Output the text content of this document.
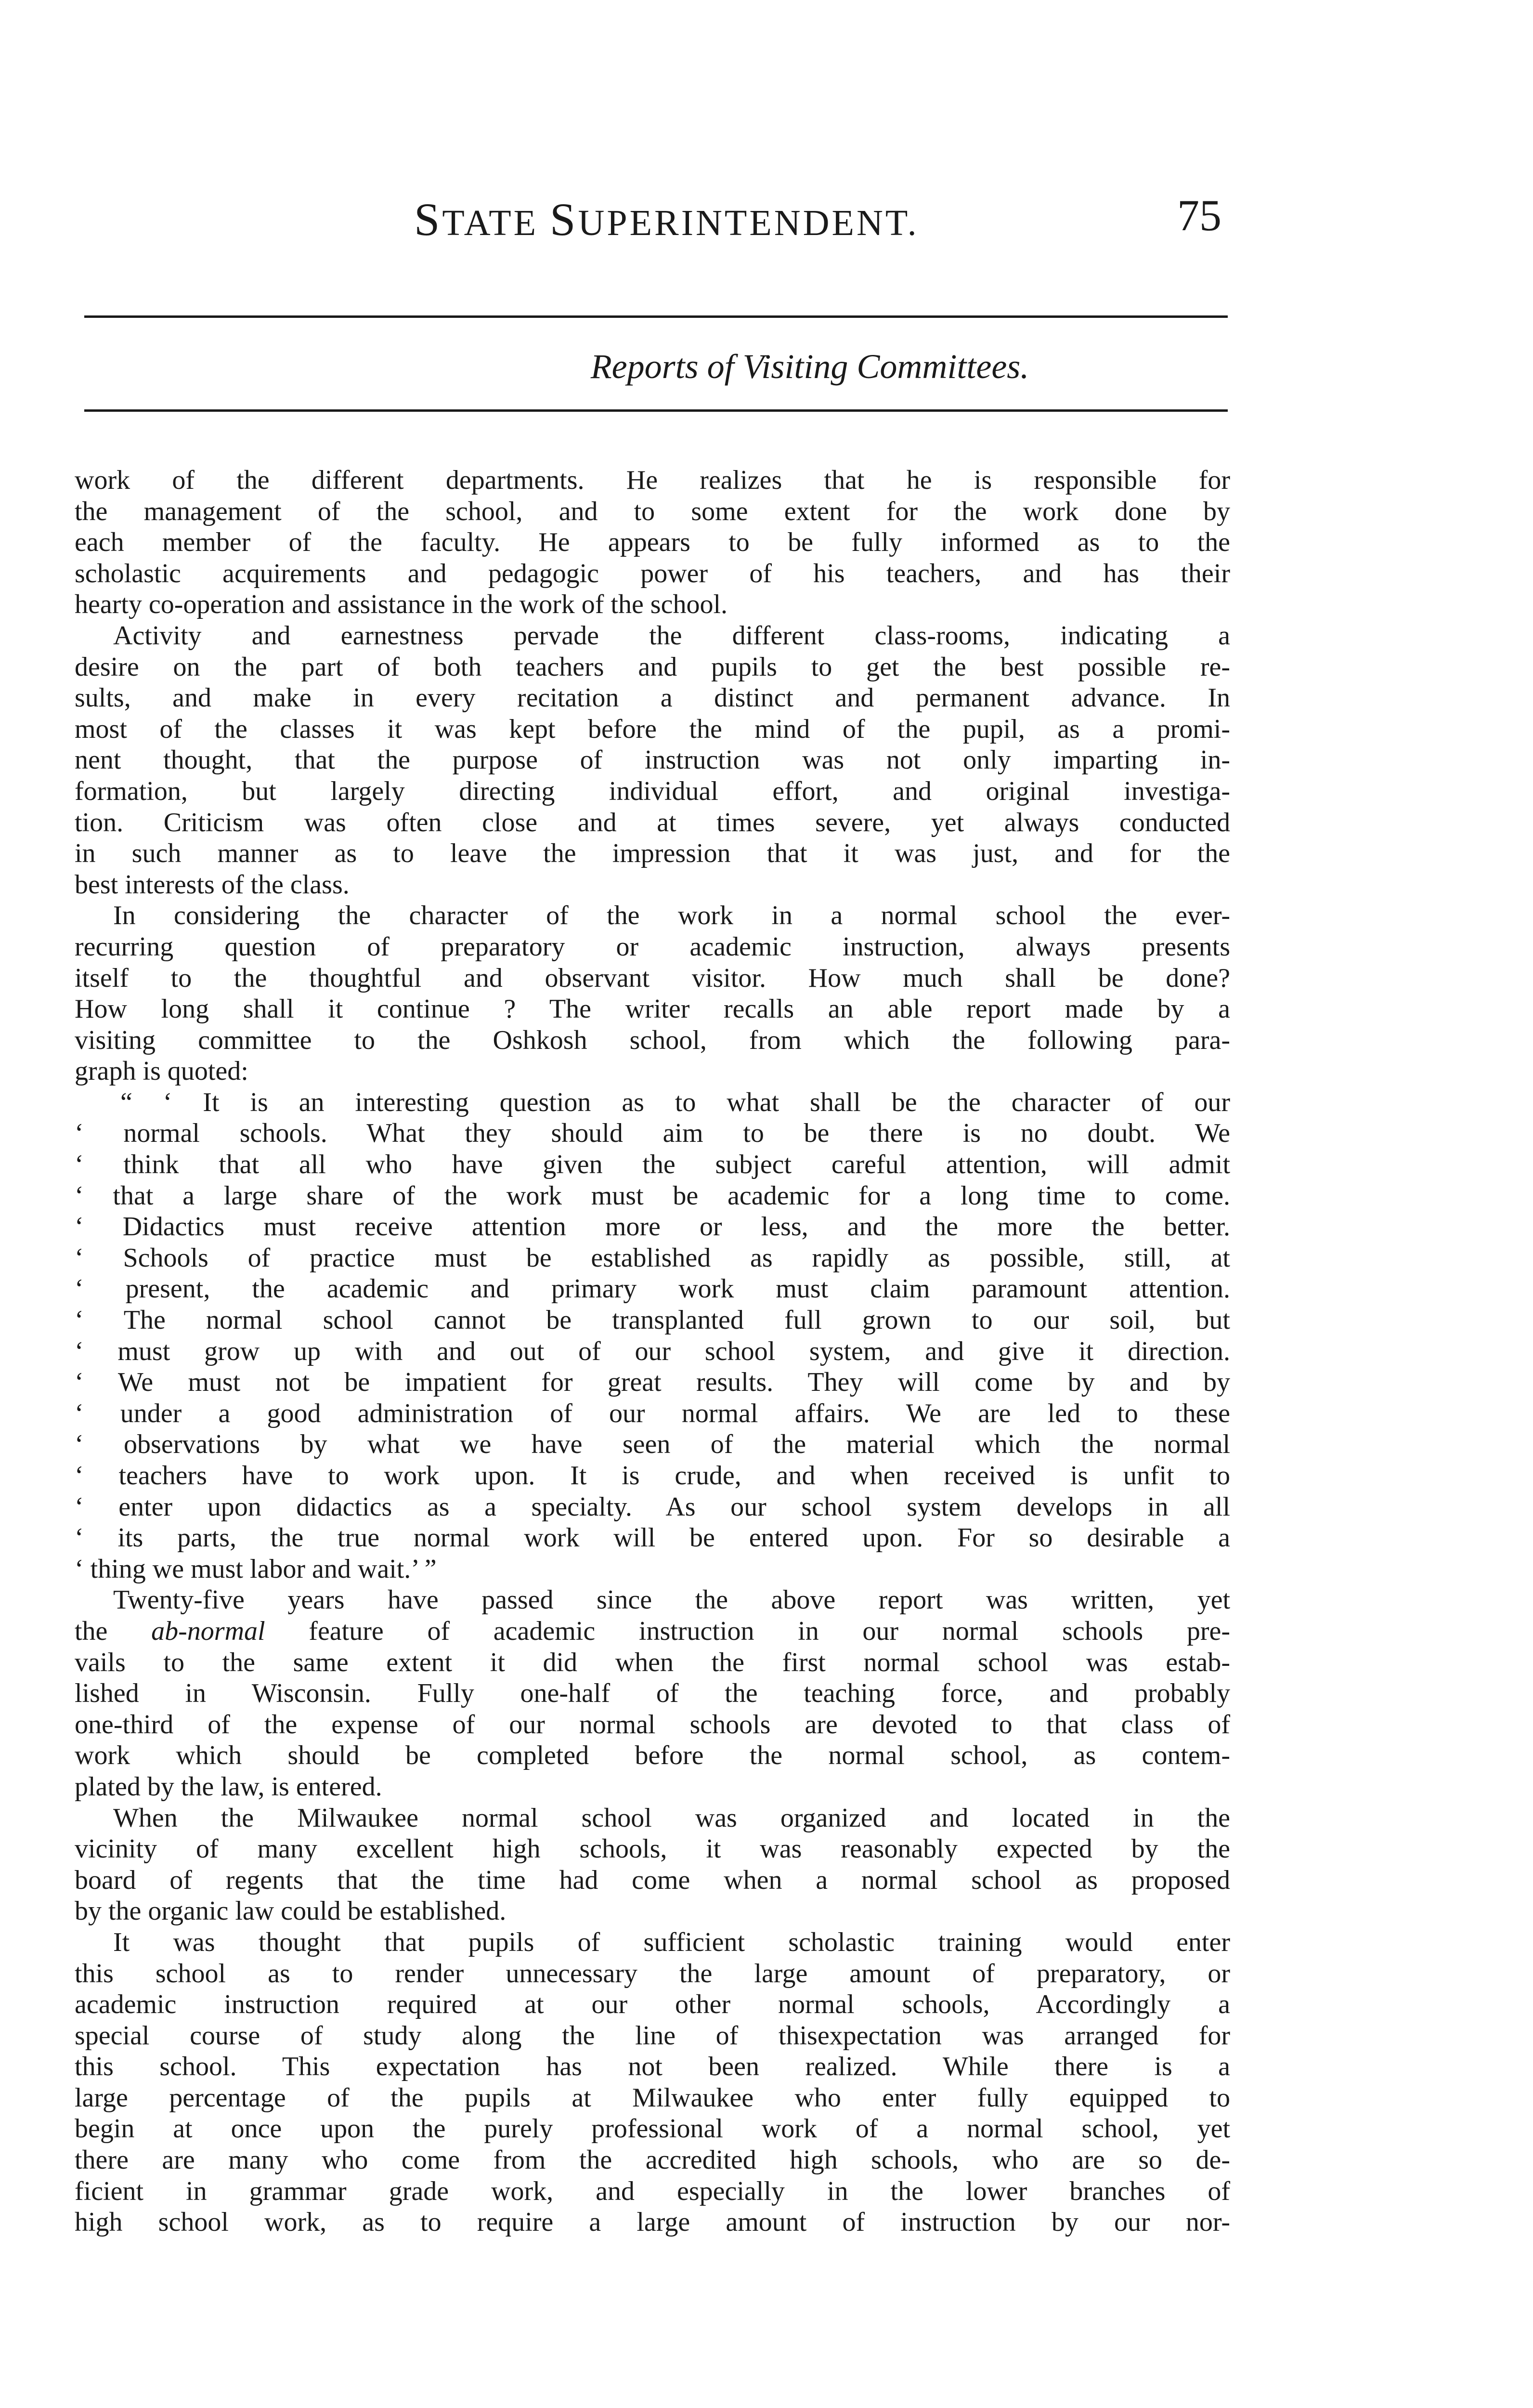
STATE SUPERINTENDENT.	75
Reports of Visiting Committees.
work of the different departments. He realizes that he is responsible for
the management of the school, and to some extent for the work done by
each member of the faculty. He appears to be fully informed as to the
scholastic acquirements and pedagogic power of his teachers, and has their
hearty co-operation and assistance in the work of the school.
Activity and earnestness pervade the different class-rooms, indicating a
desire on the part of both teachers and pupils to get the best possible re-
sults, and make in every recitation a distinct and permanent advance. In
most of the classes it was kept before the mind of the pupil, as a promi-
nent thought, that the purpose of instruction was not only imparting in-
formation, but largely directing individual effort, and original investiga-
tion. Criticism was often close and at times severe, yet always conducted
in such manner as to leave the impression that it was just, and for the
best interests of the class.
In considering the character of the work in a normal school the ever-
recurring question of preparatory or academic instruction, always presents
itself to the thoughtful and observant visitor. How much shall be done?
How long shall it continue ? The writer recalls an able report made by a
visiting committee to the Oshkosh school, from which the following para-
graph is quoted:
“ ‘ It is an interesting question as to what shall be the character of our
‘ normal schools. What they should aim to be there is no doubt. We
‘ think that all who have given the subject careful attention, will admit
‘ that a large share of the work must be academic for a long time to come.
‘ Didactics must receive attention more or less, and the more the better.
‘ Schools of practice must be established as rapidly as possible, still, at
‘ present, the academic and primary work must claim paramount attention.
‘ The normal school cannot be transplanted full grown to our soil, but
‘ must grow up with and out of our school system, and give it direction.
‘ We must not be impatient for great results. They will come by and by
‘ under a good administration of our normal affairs. We are led to these
‘ observations by what we have seen of the material which the normal
‘ teachers have to work upon. It is crude, and when received is unfit to
‘ enter upon didactics as a specialty. As our school system develops in all
‘ its parts, the true normal work will be entered upon. For so desirable a
‘ thing we must labor and wait.’ ”
Twenty-five years have passed since the above report was written, yet
the ab-normal feature of academic instruction in our normal schools pre-
vails to the same extent it did when the first normal school was estab-
lished in Wisconsin. Fully one-half of the teaching force, and probably
one-third of the expense of our normal schools are devoted to that class of
work which should be completed before the normal school, as contem-
plated by the law, is entered.
When the Milwaukee normal school was organized and located in the
vicinity of many excellent high schools, it was reasonably expected by the
board of regents that the time had come when a normal school as proposed
by the organic law could be established.
It was thought that pupils of sufficient scholastic training would enter
this school as to render unnecessary the large amount of preparatory, or
academic instruction required at our other normal schools, Accordingly a
special course of study along the line of thisexpectation was arranged for
this school. This expectation has not been realized. While there is a
large percentage of the pupils at Milwaukee who enter fully equipped to
begin at once upon the purely professional work of a normal school, yet
there are many who come from the accredited high schools, who are so de-
ficient in grammar grade work, and especially in the lower branches of
high school work, as to require a large amount of instruction by our nor-
